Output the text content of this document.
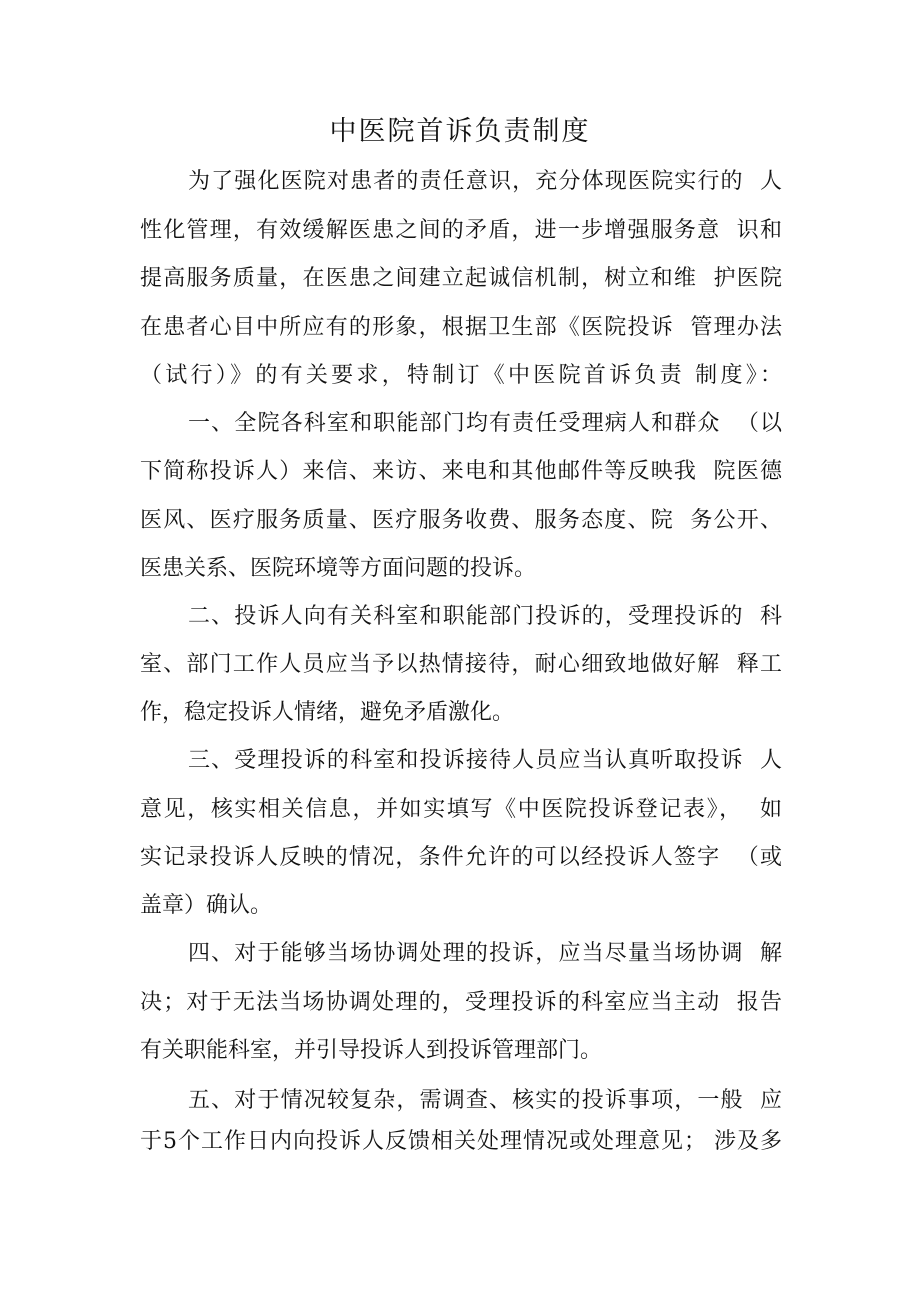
中医院首诉负责制度
为了强化医院对患者的责任意识，充分体现医院实行的  人
性化管理，有效缓解医患之间的矛盾，进一步增强服务意  识和
提高服务质量，在医患之间建立起诚信机制，树立和维  护医院
在患者心目中所应有的形象，根据卫生部《医院投诉  管理办法
（试行）》的有关要求，特制订《中医院首诉负责 制度》：
一、全院各科室和职能部门均有责任受理病人和群众  （以
下简称投诉人）来信、来访、来电和其他邮件等反映我  院医德
医风、医疗服务质量、医疗服务收费、服务态度、院  务公开、
医患关系、医院环境等方面问题的投诉。
二、投诉人向有关科室和职能部门投诉的，受理投诉的  科
室、部门工作人员应当予以热情接待，耐心细致地做好解  释工
作，稳定投诉人情绪，避免矛盾激化。
三、受理投诉的科室和投诉接待人员应当认真听取投诉  人
意见，核实相关信息，并如实填写《中医院投诉登记表》，  如
实记录投诉人反映的情况，条件允许的可以经投诉人签字  （或
盖章）确认。
四、对于能够当场协调处理的投诉，应当尽量当场协调  解
决；对于无法当场协调处理的，受理投诉的科室应当主动  报告
有关职能科室，并引导投诉人到投诉管理部门。
五、对于情况较复杂，需调查、核实的投诉事项，一般  应
于5个工作日内向投诉人反馈相关处理情况或处理意见； 涉及多
